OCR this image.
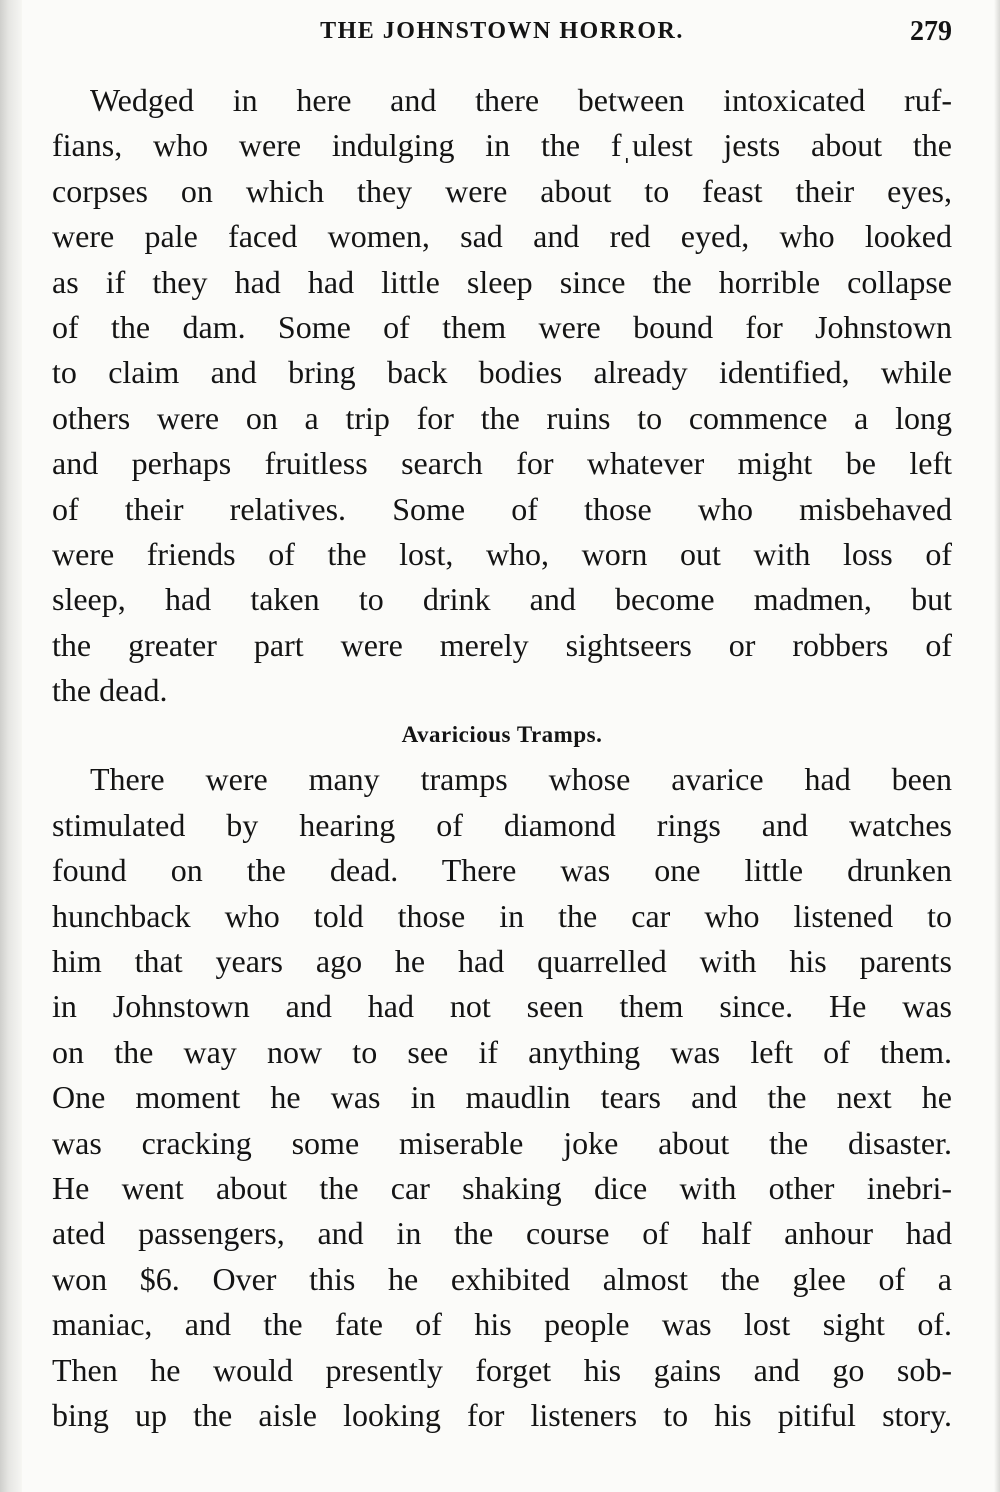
THE JOHNSTOWN HORROR.	279
Wedged in here and there between intoxicated ruf-
fians, who were indulging in the fˌulest jests about the
corpses on which they were about to feast their eyes,
were pale faced women, sad and red eyed, who looked
as if they had had little sleep since the horrible collapse
of the dam. Some of them were bound for Johnstown
to claim and bring back bodies already identified, while
others were on a trip for the ruins to commence a long
and perhaps fruitless search for whatever might be left
of their relatives. Some of those who misbehaved
were friends of the lost, who, worn out with loss of
sleep, had taken to drink and become madmen, but
the greater part were merely sightseers or robbers of
the dead.
Avaricious Tramps.
There were many tramps whose avarice had been
stimulated by hearing of diamond rings and watches
found on the dead. There was one little drunken
hunchback who told those in the car who listened to
him that years ago he had quarrelled with his parents
in Johnstown and had not seen them since. He was
on the way now to see if anything was left of them.
One moment he was in maudlin tears and the next he
was cracking some miserable joke about the disaster.
He went about the car shaking dice with other inebri-
ated passengers, and in the course of half anhour had
won $6. Over this he exhibited almost the glee of a
maniac, and the fate of his people was lost sight of.
Then he would presently forget his gains and go sob-
bing up the aisle looking for listeners to his pitiful story.
